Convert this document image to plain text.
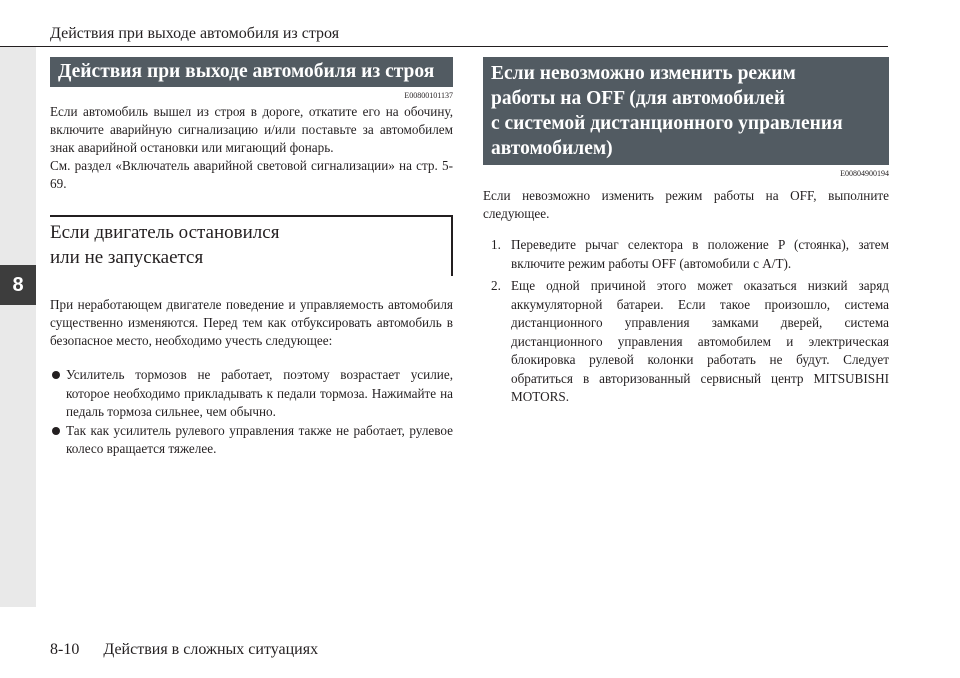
Действия при выходе автомобиля из строя
8
Действия при выходе автомобиля из строя
E00800101137

Если автомобиль вышел из строя в дороге, откатите его на обочину, включите аварийную сигнализацию и/или поставьте за автомобилем знак аварийной остановки или мигающий фонарь.
См. раздел «Включатель аварийной световой сигнализации» на стр. 5-69.

Если двигатель остановился
или не запускается

При неработающем двигателе поведение и управляемость автомобиля существенно изменяются. Перед тем как отбуксировать автомобиль в безопасное место, необходимо учесть следующее:

Усилитель тормозов не работает, поэтому возрастает усилие, которое необходимо прикладывать к педали тормоза. Нажимайте на педаль тормоза сильнее, чем обычно.
Так как усилитель рулевого управления также не работает, рулевое колесо вращается тяжелее.
Если невозможно изменить режим
работы на OFF (для автомобилей
с системой дистанционного управления
автомобилем)
E00804900194

Если невозможно изменить режим работы на OFF, выполните следующее.

1. Переведите рычаг селектора в положение P (стоянка), затем включите режим работы OFF (автомобили с A/T).
2. Еще одной причиной этого может оказаться низкий заряд аккумуляторной батареи. Если такое произошло, система дистанционного управления замками дверей, система дистанционного управления автомобилем и электрическая блокировка рулевой колонки работать не будут. Следует обратиться в авторизованный сервисный центр MITSUBISHI MOTORS.
8-10 Действия в сложных ситуациях
